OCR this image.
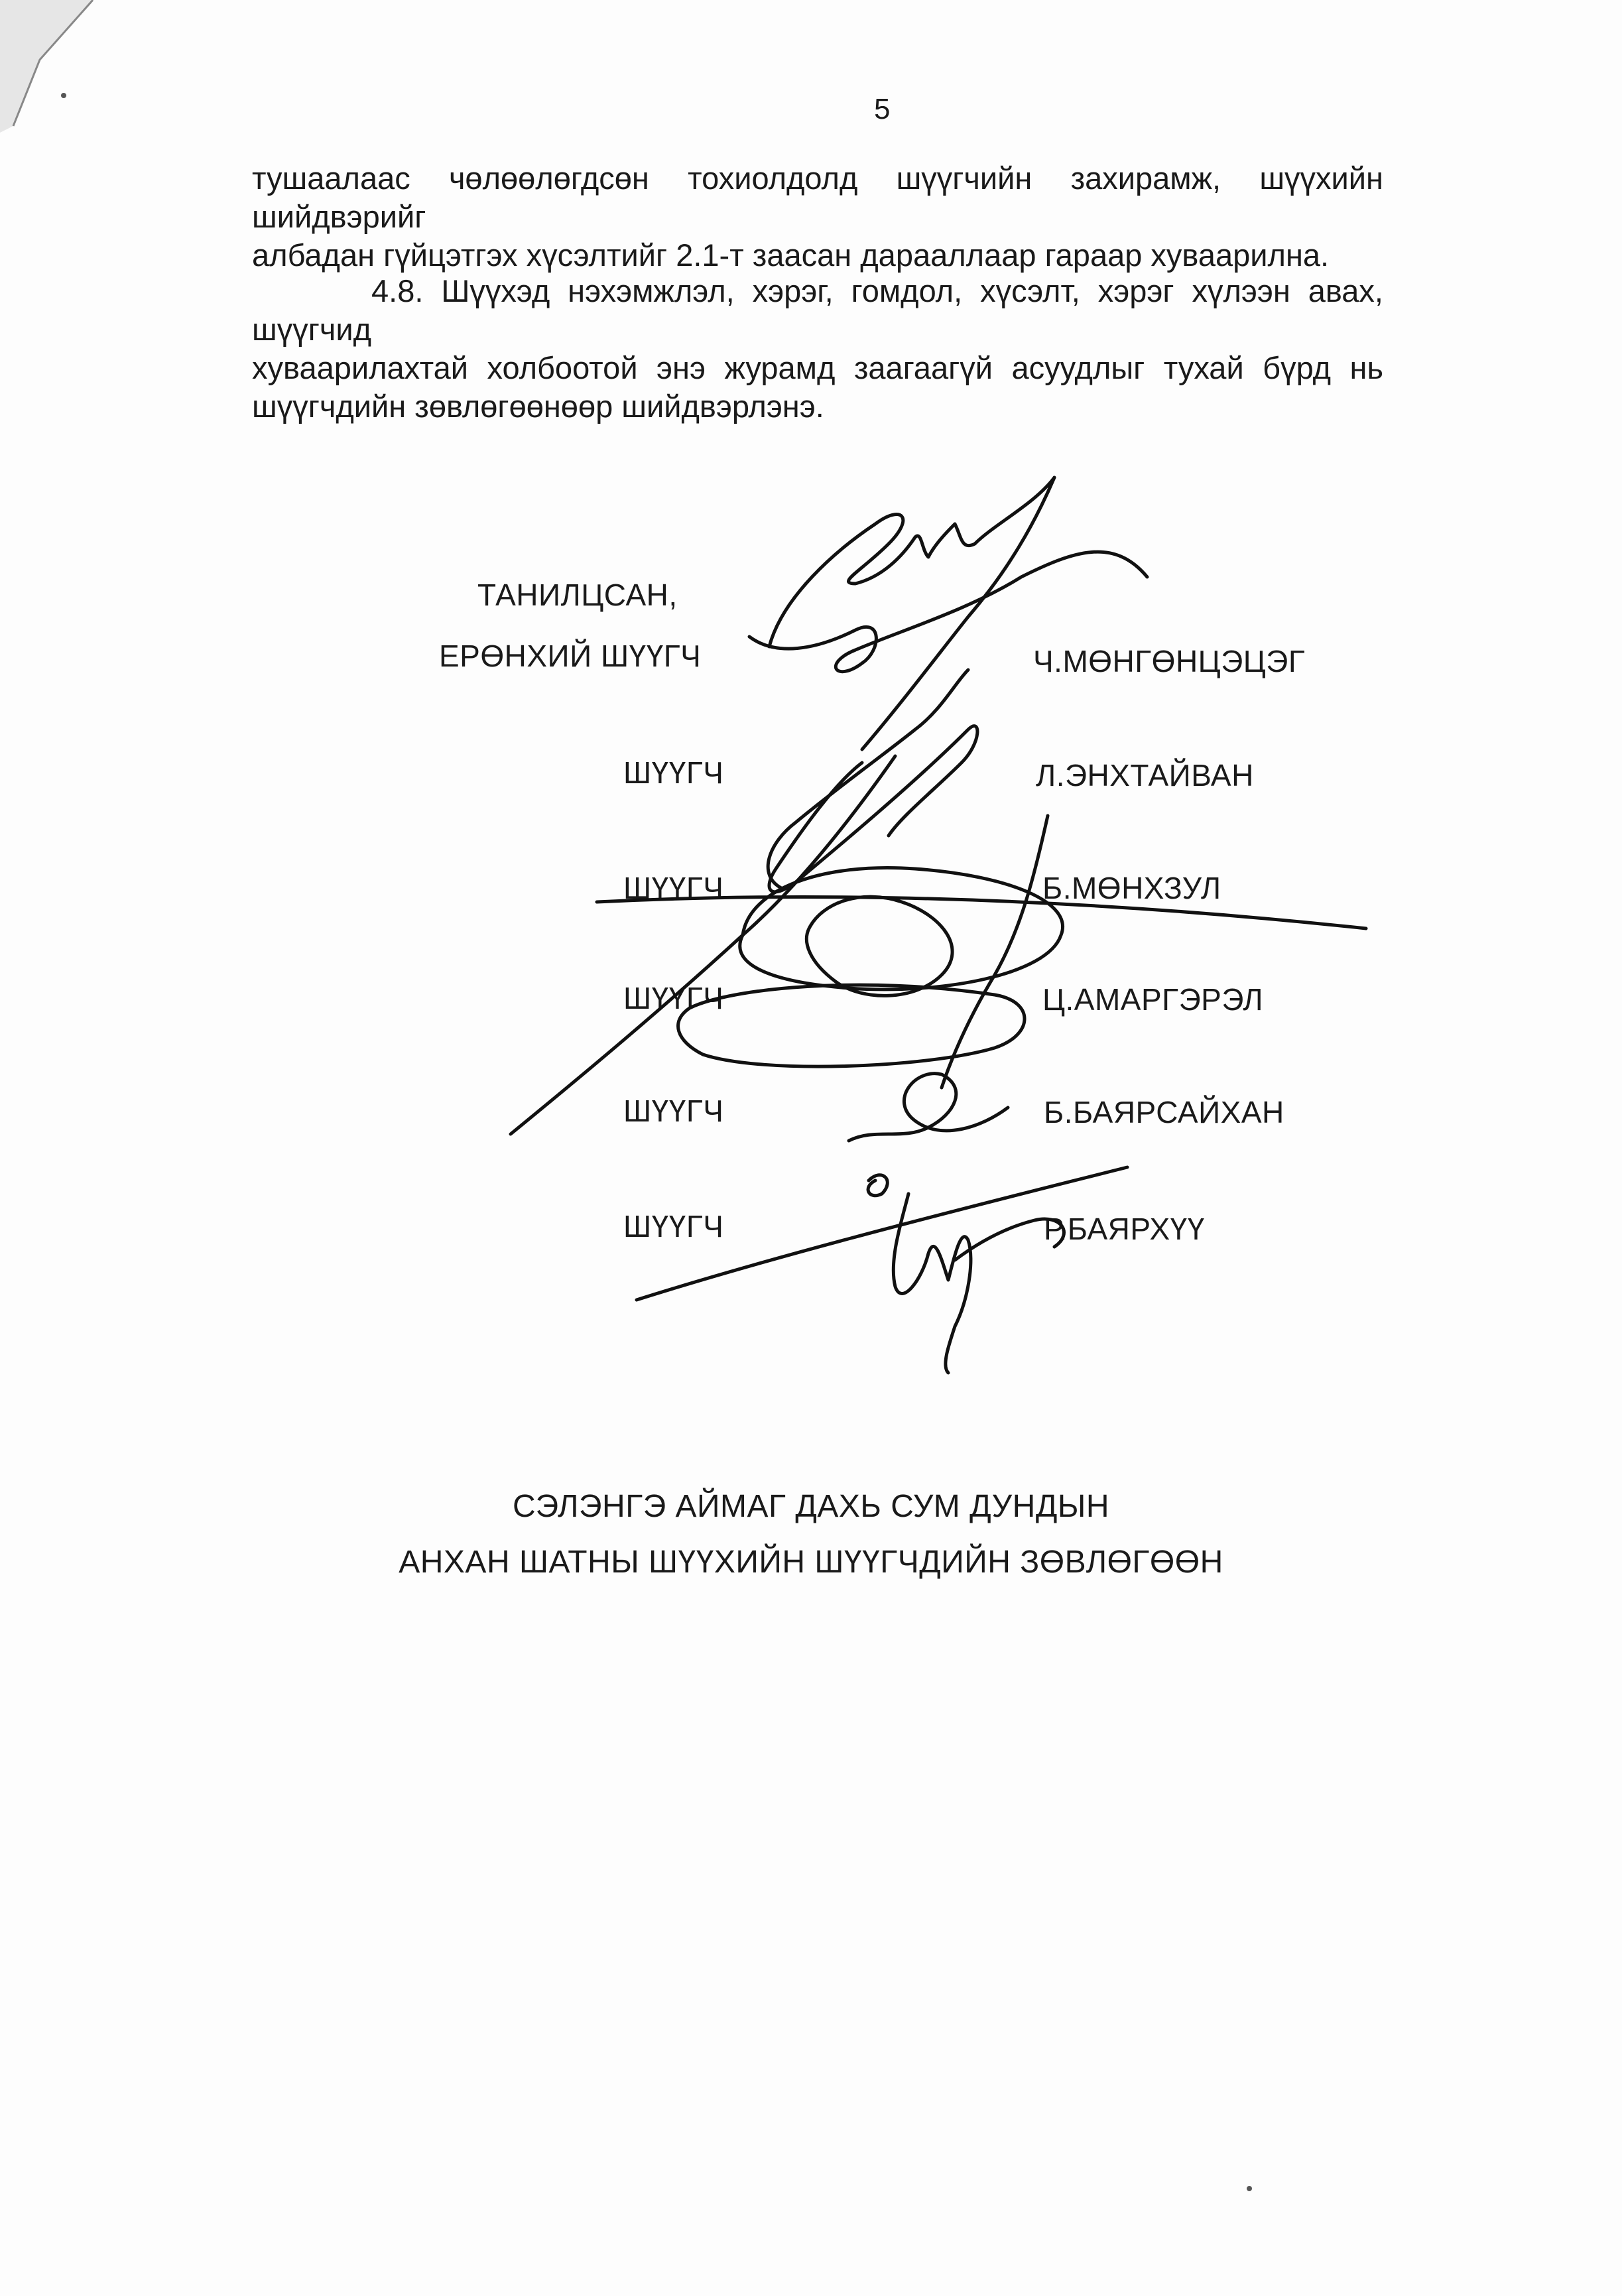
5
тушаалаас чөлөөлөгдсөн тохиолдолд шүүгчийн захирамж, шүүхийн шийдвэрийг
албадан гүйцэтгэх хүсэлтийг 2.1-т заасан дарааллаар гараар хуваарилна.
4.8. Шүүхэд нэхэмжлэл, хэрэг, гомдол, хүсэлт, хэрэг хүлээн авах, шүүгчид
хуваарилахтай холбоотой энэ журамд заагаагүй асуудлыг тухай бүрд нь
шүүгчдийн зөвлөгөөнөөр шийдвэрлэнэ.
ТАНИЛЦСАН,
ЕРӨНХИЙ ШҮҮГЧ	Ч.МӨНГӨНЦЭЦЭГ
ШҮҮГЧ	Л.ЭНХТАЙВАН
ШҮҮГЧ	Б.МӨНХЗУЛ
ШҮҮГЧ	Ц.АМАРГЭРЭЛ
ШҮҮГЧ	Б.БАЯРСАЙХАН
ШҮҮГЧ	Р.БАЯРХҮҮ
СЭЛЭНГЭ АЙМАГ ДАХЬ СУМ ДУНДЫН
АНХАН ШАТНЫ ШҮҮХИЙН ШҮҮГЧДИЙН ЗӨВЛӨГӨӨН
